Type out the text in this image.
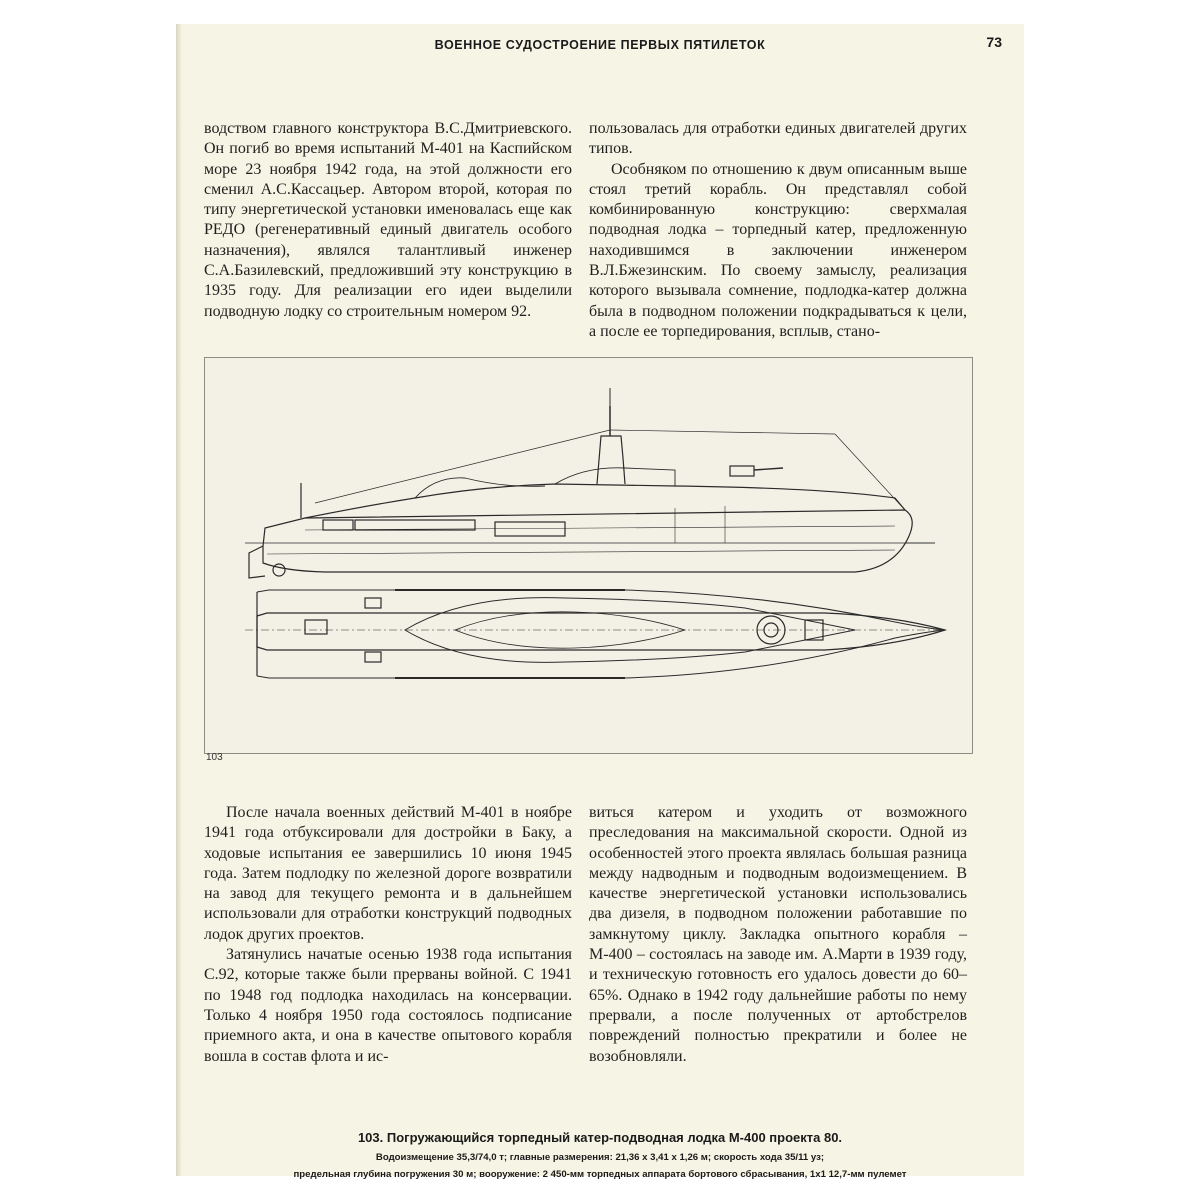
ВОЕННОЕ СУДОСТРОЕНИЕ ПЕРВЫХ ПЯТИЛЕТОК	73

водством главного конструктора В.С.Дмитриевского. Он погиб во время испытаний М-401 на Каспийском море 23 ноября 1942 года, на этой должности его сменил А.С.Кассацьер. Автором второй, которая по типу энергетической установки именовалась еще как РЕДО (регенеративный единый двигатель особого назначения), являлся талантливый инженер С.А.Базилевский, предложивший эту конструкцию в 1935 году. Для реализации его идеи выделили подводную лодку со строительным номером 92.

пользовалась для отработки единых двигателей других типов.

Особняком по отношению к двум описанным выше стоял третий корабль. Он представлял собой комбинированную конструкцию: сверхмалая подводная лодка – торпедный катер, предложенную находившимся в заключении инженером В.Л.Бжезинским. По своему замыслу, реализация которого вызывала сомнение, подлодка-катер должна была в подводном положении подкрадываться к цели, а после ее торпедирования, всплыв, стано-

103

После начала военных действий М-401 в ноябре 1941 года отбуксировали для достройки в Баку, а ходовые испытания ее завершились 10 июня 1945 года. Затем подлодку по железной дороге возвратили на завод для текущего ремонта и в дальнейшем использовали для отработки конструкций подводных лодок других проектов.

Затянулись начатые осенью 1938 года испытания С.92, которые также были прерваны войной. С 1941 по 1948 год подлодка находилась на консервации. Только 4 ноября 1950 года состоялось подписание приемного акта, и она в качестве опытового корабля вошла в состав флота и ис-

виться катером и уходить от возможного преследования на максимальной скорости. Одной из особенностей этого проекта являлась большая разница между надводным и подводным водоизмещением. В качестве энергетической установки использовались два дизеля, в подводном положении работавшие по замкнутому циклу. Закладка опытного корабля – М-400 – состоялась на заводе им. А.Марти в 1939 году, и техническую готовность его удалось довести до 60–65%. Однако в 1942 году дальнейшие работы по нему прервали, а после полученных от артобстрелов повреждений полностью прекратили и более не возобновляли.

103. Погружающийся торпедный катер-подводная лодка М-400 проекта 80.
Водоизмещение 35,3/74,0 т; главные размерения: 21,36 х 3,41 х 1,26 м; скорость хода 35/11 уз;
предельная глубина погружения 30 м; вооружение: 2 450-мм торпедных аппарата бортового сбрасывания, 1х1 12,7-мм пулемет
